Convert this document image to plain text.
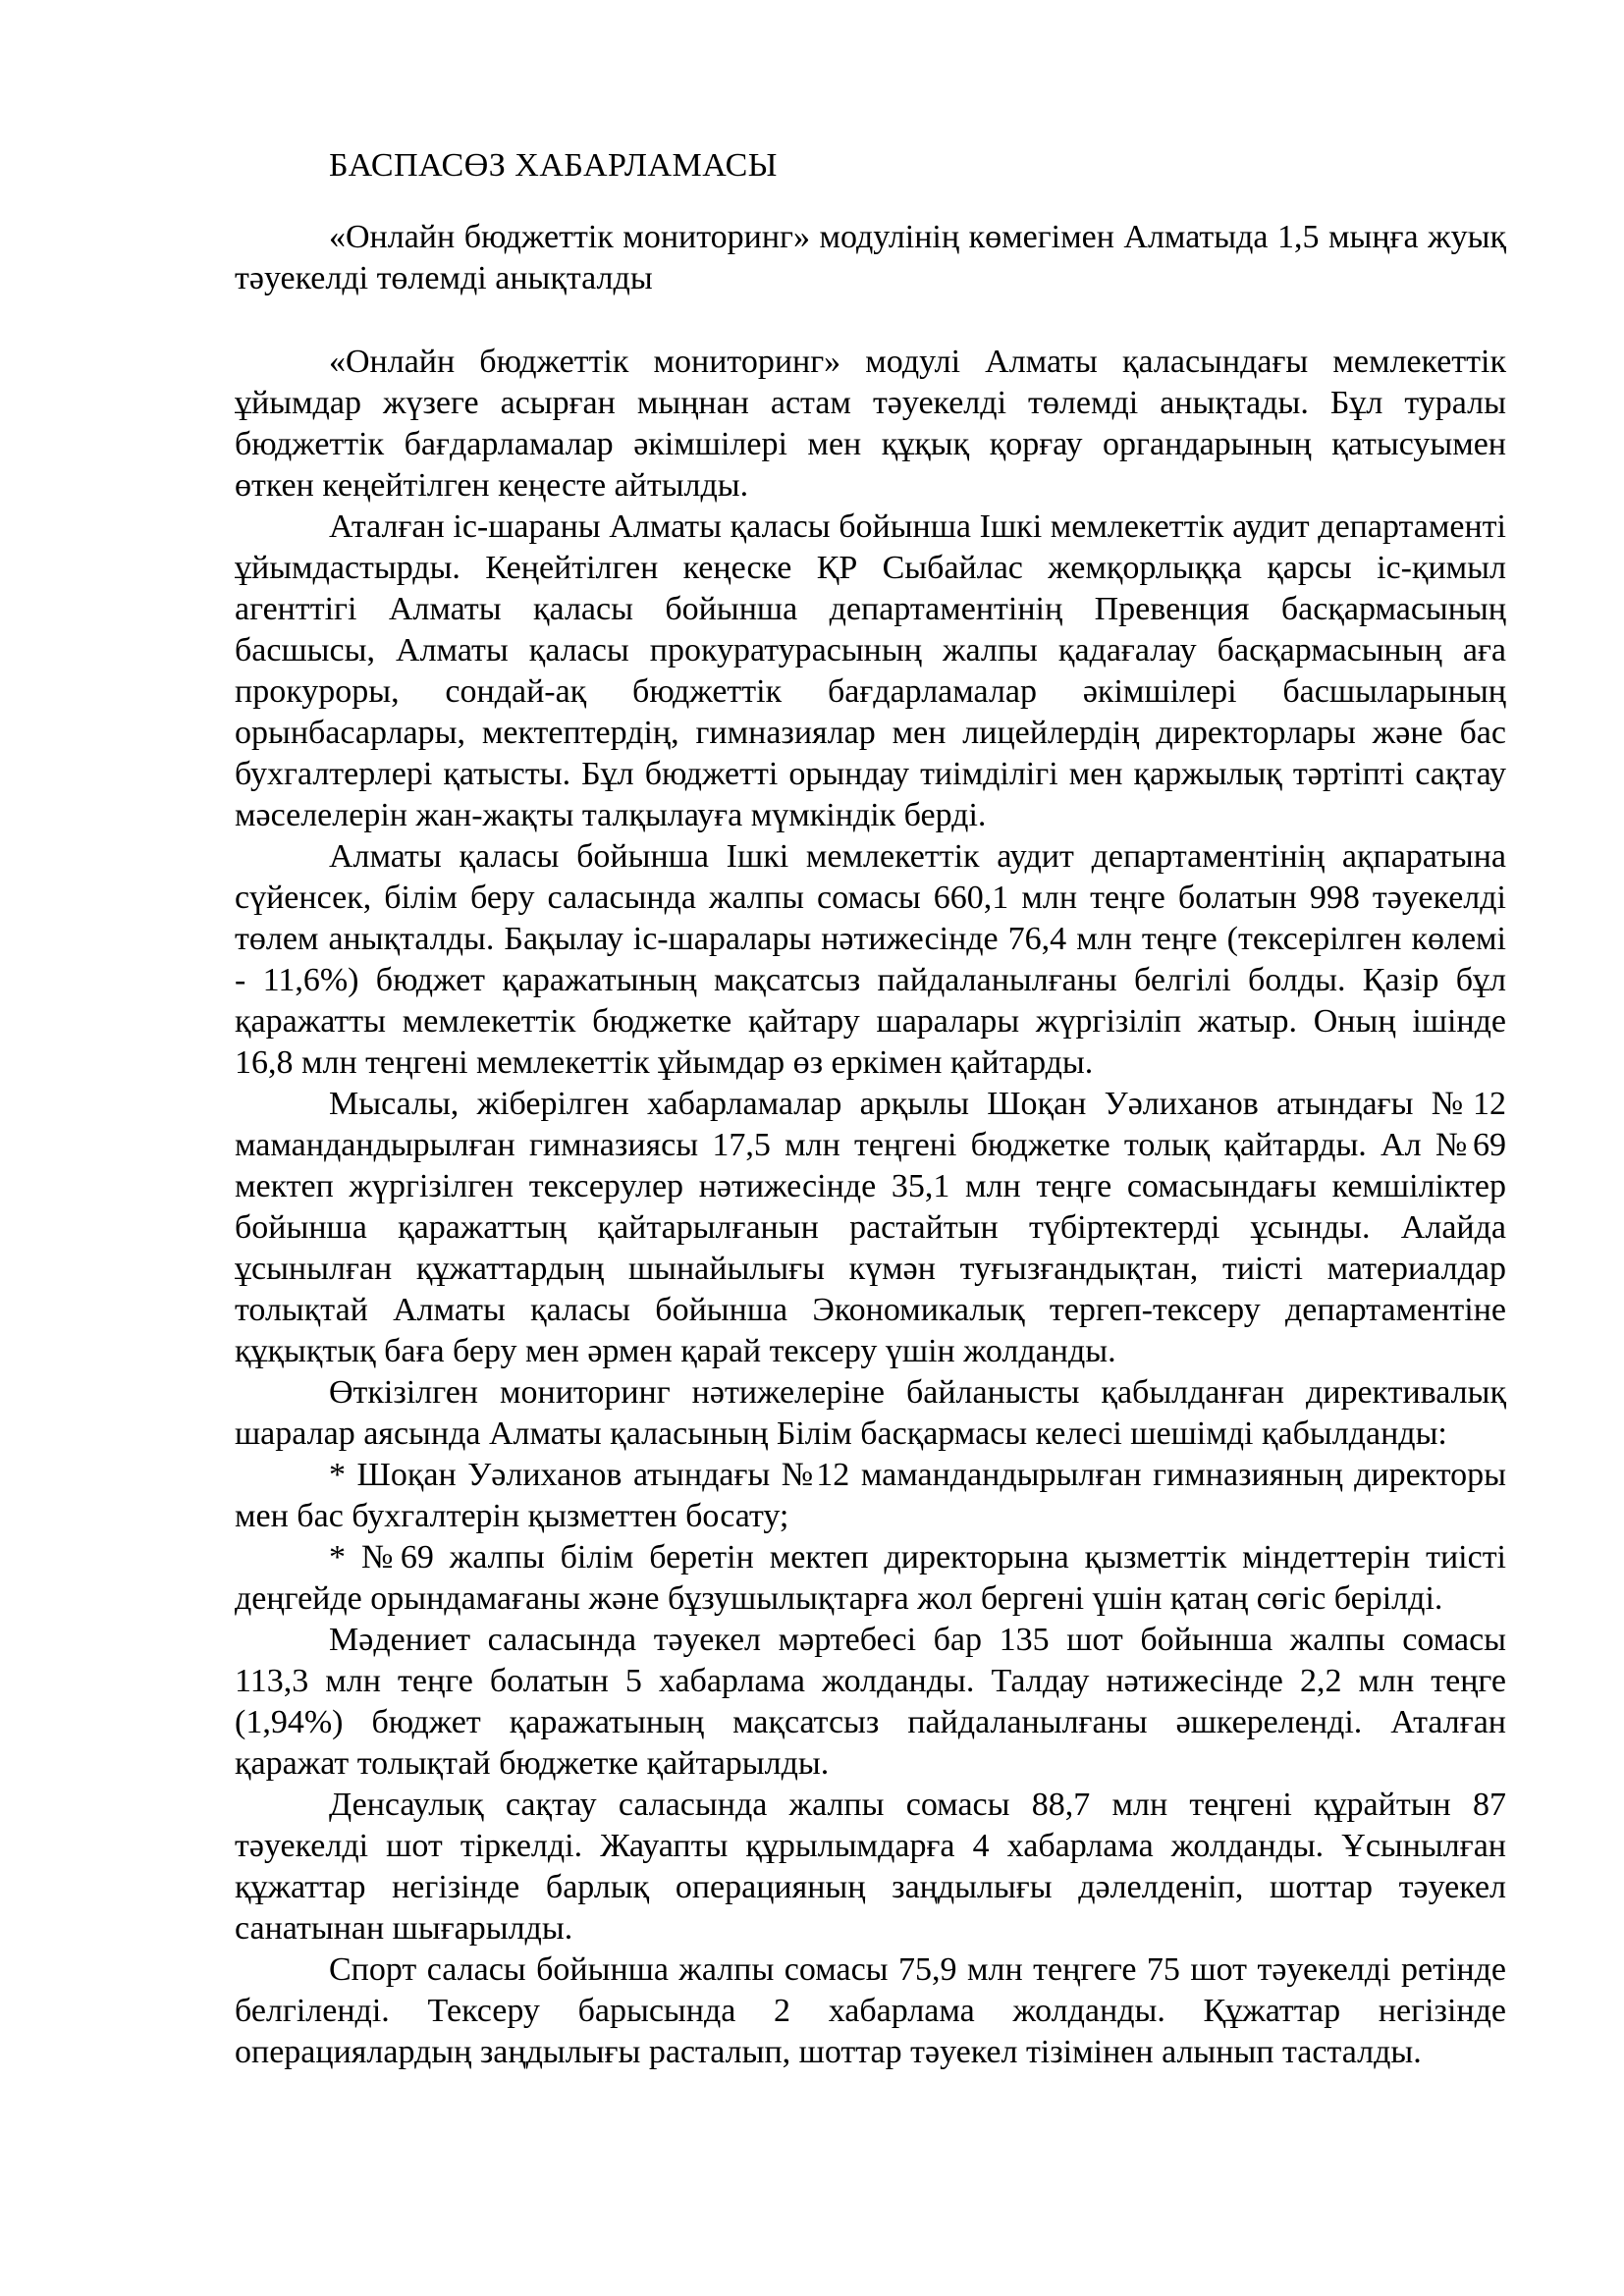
БАСПАСӨЗ ХАБАРЛАМАСЫ

«Онлайн бюджеттік мониторинг» модулінің көмегімен Алматыда 1,5 мыңға жуық тәуекелді төлемді анықталды

«Онлайн бюджеттік мониторинг» модулі Алматы қаласындағы мемлекеттік ұйымдар жүзеге асырған мыңнан астам тәуекелді төлемді анықтады. Бұл туралы бюджеттік бағдарламалар әкімшілері мен құқық қорғау органдарының қатысуымен өткен кеңейтілген кеңесте айтылды.

Аталған іс-шараны Алматы қаласы бойынша Ішкі мемлекеттік аудит департаменті ұйымдастырды. Кеңейтілген кеңеске ҚР Сыбайлас жемқорлыққа қарсы іс-қимыл агенттігі Алматы қаласы бойынша департаментінің Превенция басқармасының басшысы, Алматы қаласы прокуратурасының жалпы қадағалау басқармасының аға прокуроры, сондай-ақ бюджеттік бағдарламалар әкімшілері басшыларының орынбасарлары, мектептердің, гимназиялар мен лицейлердің директорлары және бас бухгалтерлері қатысты. Бұл бюджетті орындау тиімділігі мен қаржылық тәртіпті сақтау мәселелерін жан-жақты талқылауға мүмкіндік берді.

Алматы қаласы бойынша Ішкі мемлекеттік аудит департаментінің ақпаратына сүйенсек, білім беру саласында жалпы сомасы 660,1 млн теңге болатын 998 тәуекелді төлем анықталды. Бақылау іс-шаралары нәтижесінде 76,4 млн теңге (тексерілген көлемі - 11,6%) бюджет қаражатының мақсатсыз пайдаланылғаны белгілі болды. Қазір бұл қаражатты мемлекеттік бюджетке қайтару шаралары жүргізіліп жатыр. Оның ішінде 16,8 млн теңгені мемлекеттік ұйымдар өз еркімен қайтарды.

Мысалы, жіберілген хабарламалар арқылы Шоқан Уәлиханов атындағы №12 мамандандырылған гимназиясы 17,5 млн теңгені бюджетке толық қайтарды. Ал №69 мектеп жүргізілген тексерулер нәтижесінде 35,1 млн теңге сомасындағы кемшіліктер бойынша қаражаттың қайтарылғанын растайтын түбіртектерді ұсынды. Алайда ұсынылған құжаттардың шынайылығы күмән туғызғандықтан, тиісті материалдар толықтай Алматы қаласы бойынша Экономикалық тергеп-тексеру департаментіне құқықтық баға беру мен әрмен қарай тексеру үшін жолданды.

Өткізілген мониторинг нәтижелеріне байланысты қабылданған директивалық шаралар аясында Алматы қаласының Білім басқармасы келесі шешімді қабылданды:

* Шоқан Уәлиханов атындағы №12 мамандандырылған гимназияның директоры мен бас бухгалтерін қызметтен босату;

* №69 жалпы білім беретін мектеп директорына қызметтік міндеттерін тиісті деңгейде орындамағаны және бұзушылықтарға жол бергені үшін қатаң сөгіс берілді.

Мәдениет саласында тәуекел мәртебесі бар 135 шот бойынша жалпы сомасы 113,3 млн теңге болатын 5 хабарлама жолданды. Талдау нәтижесінде 2,2 млн теңге (1,94%) бюджет қаражатының мақсатсыз пайдаланылғаны әшкереленді. Аталған қаражат толықтай бюджетке қайтарылды.

Денсаулық сақтау саласында жалпы сомасы 88,7 млн теңгені құрайтын 87 тәуекелді шот тіркелді. Жауапты құрылымдарға 4 хабарлама жолданды. Ұсынылған құжаттар негізінде барлық операцияның заңдылығы дәлелденіп, шоттар тәуекел санатынан шығарылды.

Спорт саласы бойынша жалпы сомасы 75,9 млн теңгеге 75 шот тәуекелді ретінде белгіленді. Тексеру барысында 2 хабарлама жолданды. Құжаттар негізінде операциялардың заңдылығы расталып, шоттар тәуекел тізімінен алынып тасталды.
